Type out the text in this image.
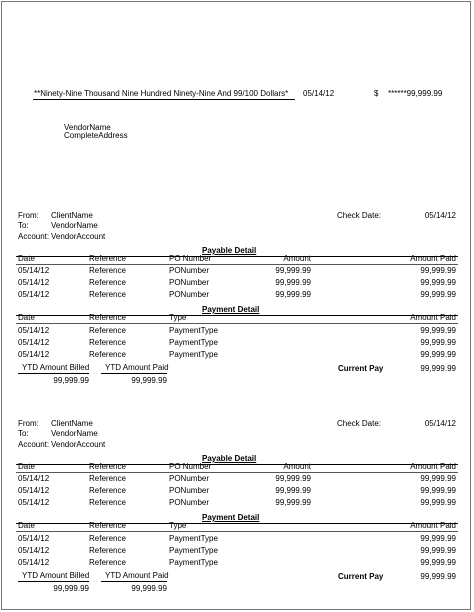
**Ninety-Nine Thousand Nine Hundred Ninety-Nine And 99/100 Dollars* 05/14/12	$ ******99,999.99
VendorName
CompleteAddress
From: ClientName
To:	VendorName
Account: VendorAccount
Check Date:	05/14/12
Payable Detail
Date	Reference	PO Number	Amount	Amount Paid
05/14/12	Reference	PONumber	99,999.99	99,999.99
05/14/12	Reference	PONumber	99,999.99	99,999.99
05/14/12	Reference	PONumber	99,999.99	99,999.99
Payment Detail
Date	Reference	Type	Amount Paid
05/14/12	Reference	PaymentType	99,999.99
05/14/12	Reference	PaymentType	99,999.99
05/14/12	Reference	PaymentType	99,999.99
YTD Amount Billed YTD Amount Paid
99,999.99	99,999.99
Current Pay	99,999.99
From: ClientName
To:	VendorName
Account: VendorAccount
Check Date:	05/14/12
Payable Detail
Date	Reference	PO Number	Amount	Amount Paid
05/14/12	Reference	PONumber	99,999.99	99,999.99
05/14/12	Reference	PONumber	99,999.99	99,999.99
05/14/12	Reference	PONumber	99,999.99	99,999.99
Payment Detail
Date	Reference	Type	Amount Paid
05/14/12	Reference	PaymentType	99,999.99
05/14/12	Reference	PaymentType	99,999.99
05/14/12	Reference	PaymentType	99,999.99
YTD Amount Billed YTD Amount Paid
99,999.99	99,999.99
Current Pay	99,999.99
